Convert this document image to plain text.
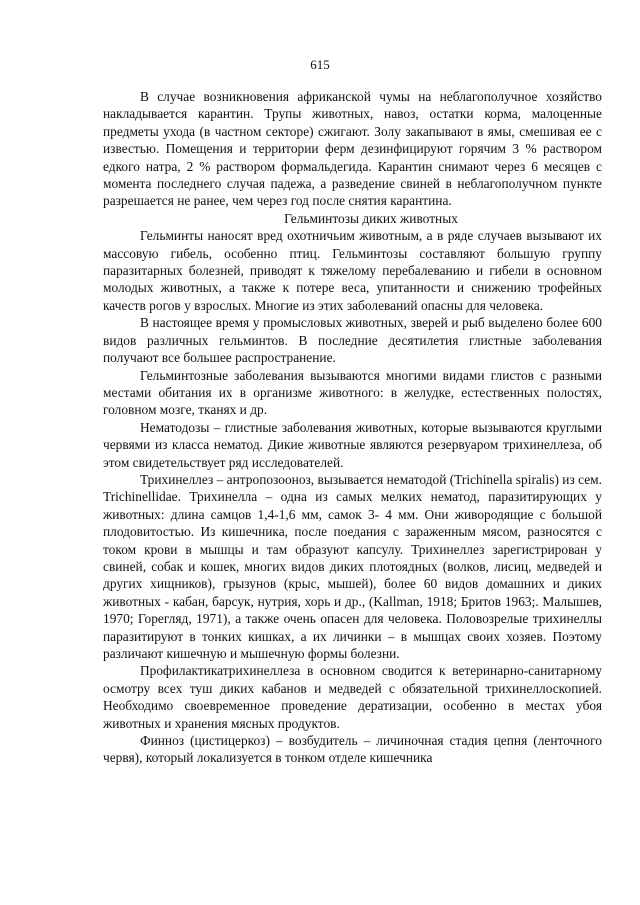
615

В случае возникновения африканской чумы на неблагополучное хозяйство накладывается карантин. Трупы животных, навоз, остатки корма, малоценные предметы ухода (в частном секторе) сжигают. Золу закапывают в ямы, смешивая ее с известью. Помещения и территории ферм дезинфицируют горячим 3 % раствором едкого натра, 2 % раствором формальдегида. Карантин снимают через 6 месяцев с момента последнего случая падежа, а разведение свиней в неблагополучном пункте разрешается не ранее, чем через год после снятия карантина.

Гельминтозы диких животных

Гельминты наносят вред охотничьим животным, а в ряде случаев вызывают их массовую гибель, особенно птиц. Гельминтозы составляют большую группу паразитарных болезней, приводят к тяжелому перебалеванию и гибели в основном молодых животных, а также к потере веса, упитанности и снижению трофейных качеств рогов у взрослых. Многие из этих заболеваний опасны для человека.

В настоящее время у промысловых животных, зверей и рыб выделено более 600 видов различных гельминтов. В последние десятилетия глистные заболевания получают все большее распространение.

Гельминтозные заболевания вызываются многими видами глистов с разными местами обитания их в организме животного: в желудке, естественных полостях, головном мозге, тканях и др.

Нематодозы – глистные заболевания животных, которые вызываются круглыми червями из класса нематод. Дикие животные являются резервуаром трихинеллеза, об этом свидетельствует ряд исследователей.

Трихинеллез – антропозооноз, вызывается нематодой (Trichinella spiralis) из сем. Trichinellidae. Трихинелла – одна из самых мелких нематод, паразитирующих у животных: длина самцов 1,4-1,6 мм, самок 3- 4 мм. Они живородящие с большой плодовитостью. Из кишечника, после поедания с зараженным мясом, разносятся с током крови в мышцы и там образуют капсулу. Трихинеллез зарегистрирован у свиней, собак и кошек, многих видов диких плотоядных (волков, лисиц, медведей и других хищников), грызунов (крыс, мышей), более 60 видов домашних и диких животных - кабан, барсук, нутрия, хорь и др., (Kallman, 1918; Бритов 1963;. Малышев, 1970; Горегляд, 1971), а также очень опасен для человека. Половозрелые трихинеллы паразитируют в тонких кишках, а их личинки – в мышцах своих хозяев. Поэтому различают кишечную и мышечную формы болезни.

Профилактикатрихинеллеза в основном сводится к ветеринарно-санитарному осмотру всех туш диких кабанов и медведей с обязательной трихинеллоскопией. Необходимо своевременное проведение дератизации, особенно в местах убоя животных и хранения мясных продуктов.

Финноз (цистицеркоз) – возбудитель – личиночная стадия цепня (ленточного червя), который локализуется в тонком отделе кишечника
